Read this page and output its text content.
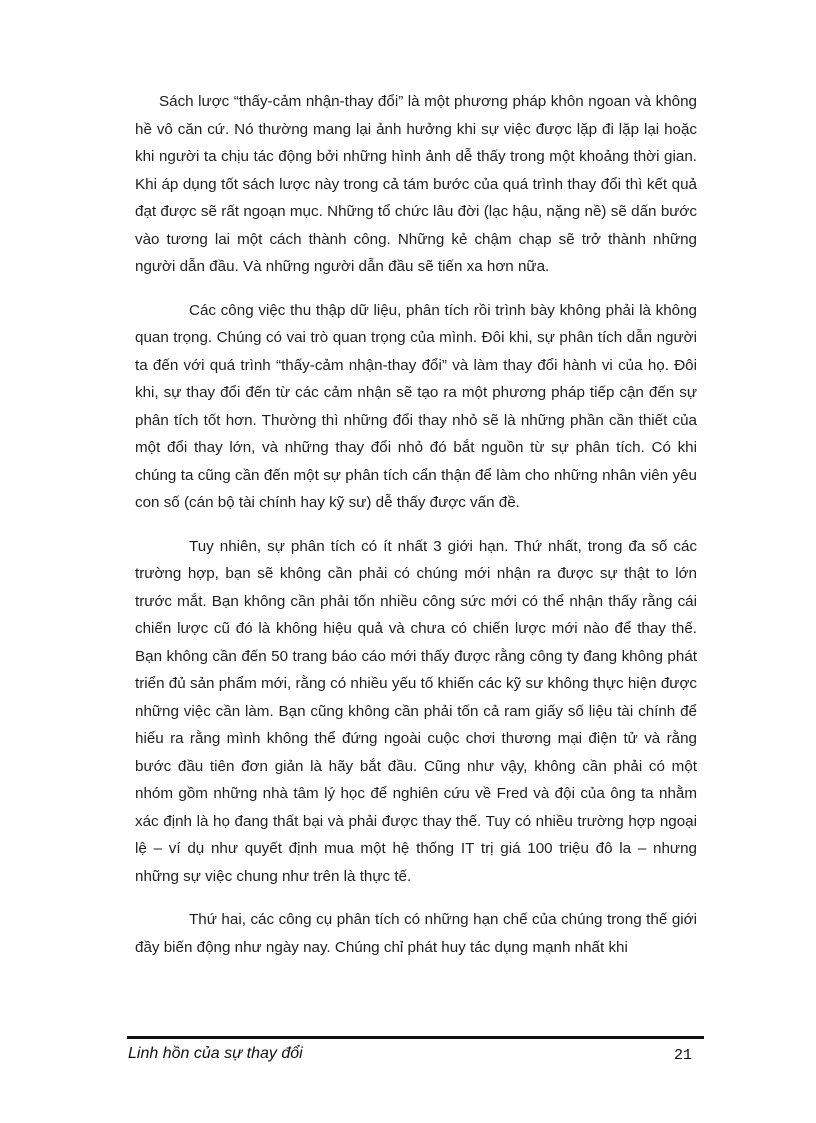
Sách lược “thấy-cảm nhận-thay đổi” là một phương pháp khôn ngoan và không hề vô căn cứ. Nó thường mang lại ảnh hưởng khi sự việc được lặp đi lặp lại hoặc khi người ta chịu tác động bởi những hình ảnh dễ thấy trong một khoảng thời gian. Khi áp dụng tốt sách lược này trong cả tám bước của quá trình thay đổi thì kết quả đạt được sẽ rất ngoạn mục. Những tổ chức lâu đời (lạc hậu, nặng nề) sẽ dấn bước vào tương lai một cách thành công. Những kẻ chậm chạp sẽ trở thành những người dẫn đầu. Và những người dẫn đầu sẽ tiến xa hơn nữa.

Các công việc thu thập dữ liệu, phân tích rồi trình bày không phải là không quan trọng. Chúng có vai trò quan trọng của mình. Đôi khi, sự phân tích dẫn người ta đến với quá trình “thấy-cảm nhận-thay đổi” và làm thay đổi hành vi của họ. Đôi khi, sự thay đổi đến từ các cảm nhận sẽ tạo ra một phương pháp tiếp cận đến sự phân tích tốt hơn. Thường thì những đổi thay nhỏ sẽ là những phần cần thiết của một đổi thay lớn, và những thay đổi nhỏ đó bắt nguồn từ sự phân tích. Có khi chúng ta cũng cần đến một sự phân tích cẩn thận để làm cho những nhân viên yêu con số (cán bộ tài chính hay kỹ sư) dễ thấy được vấn đề.

Tuy nhiên, sự phân tích có ít nhất 3 giới hạn. Thứ nhất, trong đa số các trường hợp, bạn sẽ không cần phải có chúng mới nhận ra được sự thật to lớn trước mắt. Bạn không cần phải tốn nhiều công sức mới có thể nhận thấy rằng cái chiến lược cũ đó là không hiệu quả và chưa có chiến lược mới nào để thay thế. Bạn không cần đến 50 trang báo cáo mới thấy được rằng công ty đang không phát triển đủ sản phẩm mới, rằng có nhiều yếu tố khiến các kỹ sư không thực hiện được những việc cần làm. Bạn cũng không cần phải tốn cả ram giấy số liệu tài chính để hiểu ra rằng mình không thể đứng ngoài cuộc chơi thương mại điện tử và rằng bước đầu tiên đơn giản là hãy bắt đầu. Cũng như vậy, không cần phải có một nhóm gồm những nhà tâm lý học để nghiên cứu về Fred và đội của ông ta nhằm xác định là họ đang thất bại và phải được thay thế. Tuy có nhiều trường hợp ngoại lệ – ví dụ như quyết định mua một hệ thống IT trị giá 100 triệu đô la – nhưng những sự việc chung như trên là thực tế.

Thứ hai, các công cụ phân tích có những hạn chế của chúng trong thế giới đầy biến động như ngày nay. Chúng chỉ phát huy tác dụng mạnh nhất khi

Linh hồn của sự thay đổi	21
